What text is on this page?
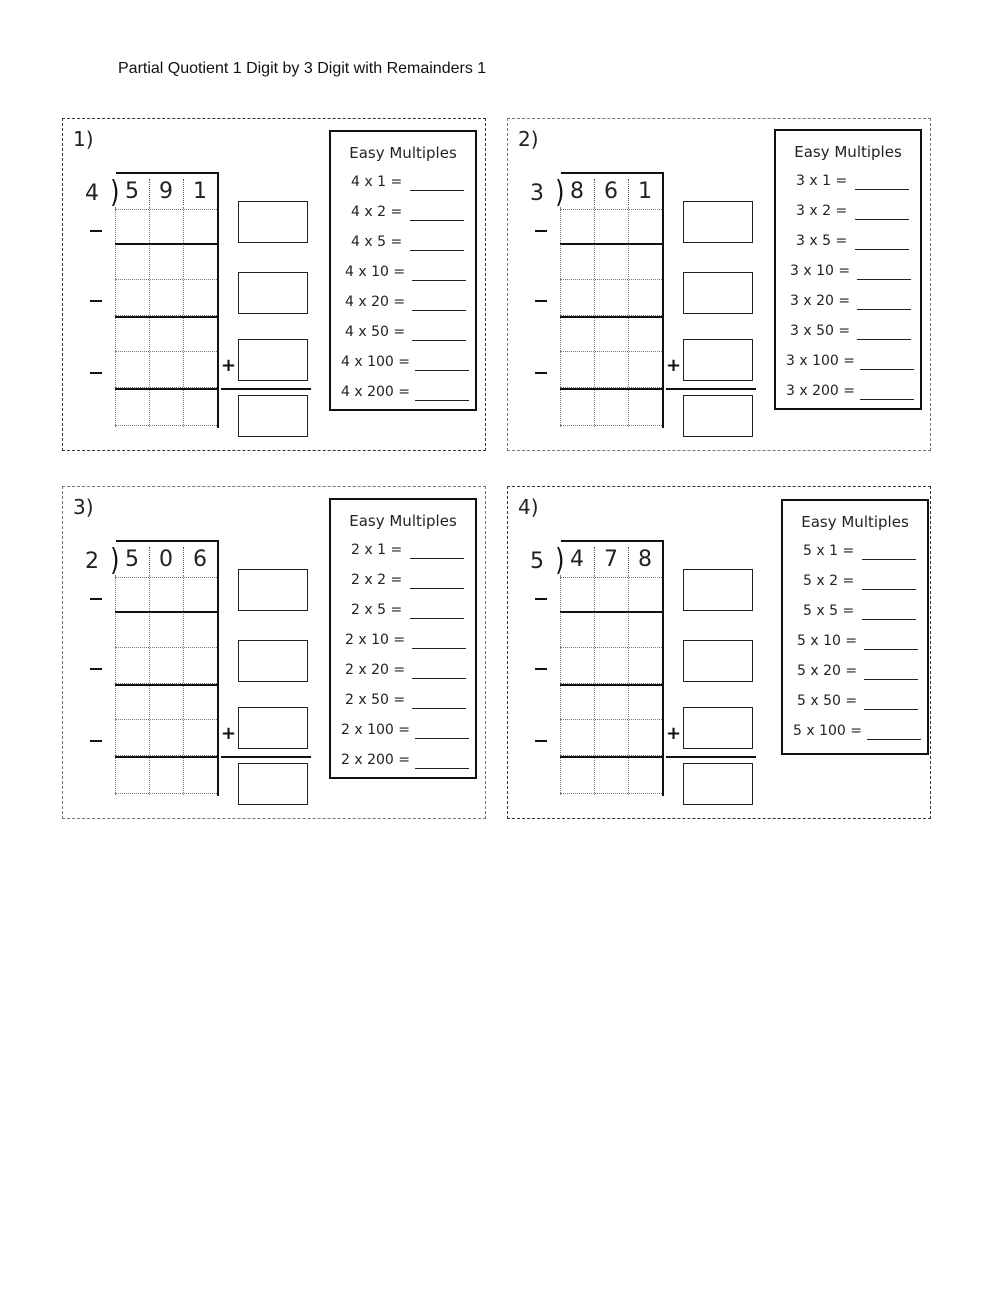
Partial Quotient 1 Digit by 3 Digit with Remainders 1
1)
4 ) 5 9 1
+
Easy Multiples
4 x 1 =
4 x 2 =
4 x 5 =
4 x 10 =
4 x 20 =
4 x 50 =
4 x 100 =
4 x 200 =
2)
3 ) 8 6 1
+
Easy Multiples
3 x 1 =
3 x 2 =
3 x 5 =
3 x 10 =
3 x 20 =
3 x 50 =
3 x 100 =
3 x 200 =
3)
2 ) 5 0 6
+
Easy Multiples
2 x 1 =
2 x 2 =
2 x 5 =
2 x 10 =
2 x 20 =
2 x 50 =
2 x 100 =
2 x 200 =
4)
5 ) 4 7 8
+
Easy Multiples
5 x 1 =
5 x 2 =
5 x 5 =
5 x 10 =
5 x 20 =
5 x 50 =
5 x 100 =
